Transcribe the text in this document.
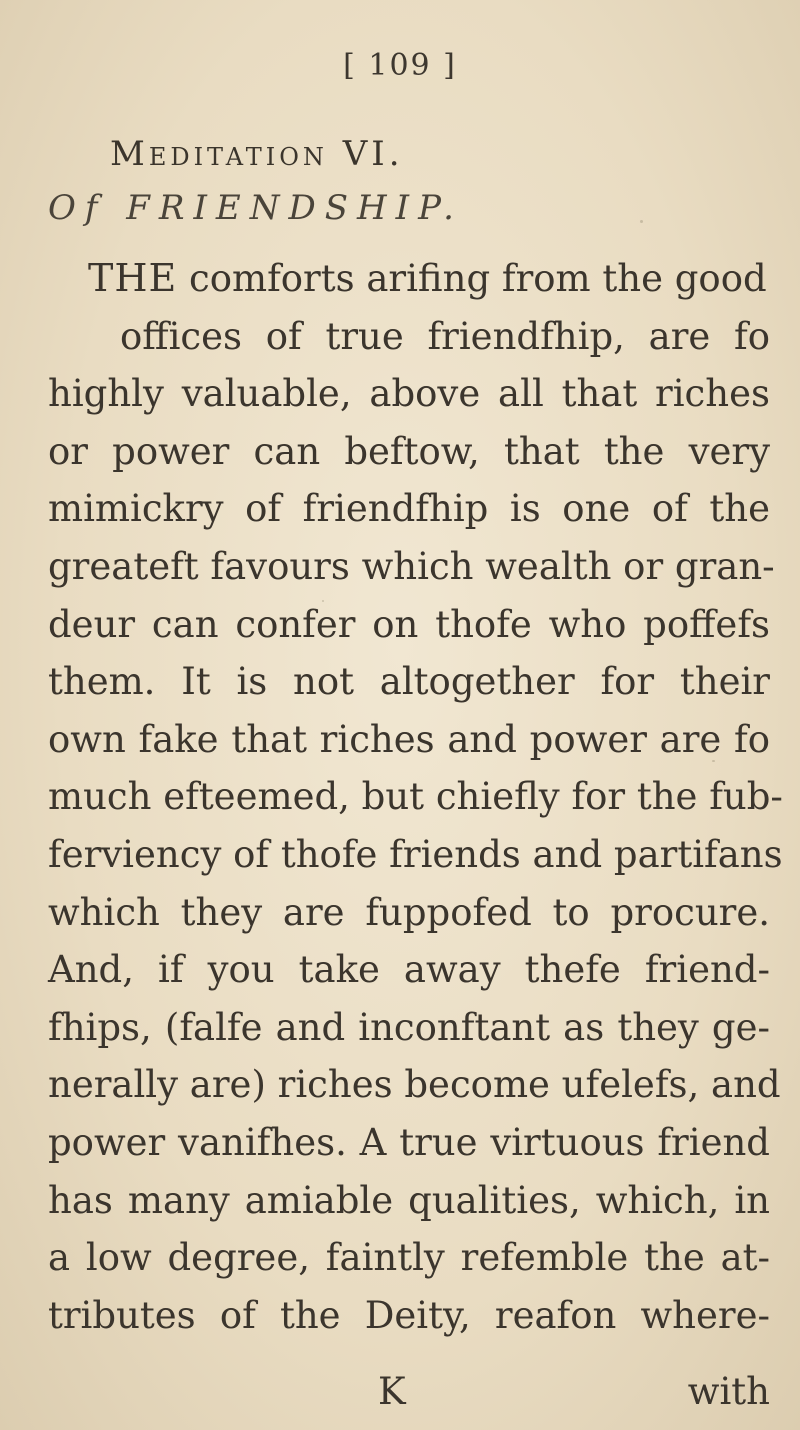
[ 109 ]
Meditation VI.
Of FRIENDSHIP.
THE comforts arifing from the good
offices of true friendfhip, are fo
highly valuable, above all that riches
or power can beftow, that the very
mimickry of friendfhip is one of the
greateft favours which wealth or gran-
deur can confer on thofe who poffefs
them. It is not altogether for their
own fake that riches and power are fo
much efteemed, but chiefly for the fub-
ferviency of thofe friends and partifans
which they are fuppofed to procure.
And, if you take away thefe friend-
fhips, (falfe and inconftant as they ge-
nerally are) riches become ufelefs, and
power vanifhes. A true virtuous friend
has many amiable qualities, which, in
a low degree, faintly refemble the at-
tributes of the Deity, reafon where-
K	with
